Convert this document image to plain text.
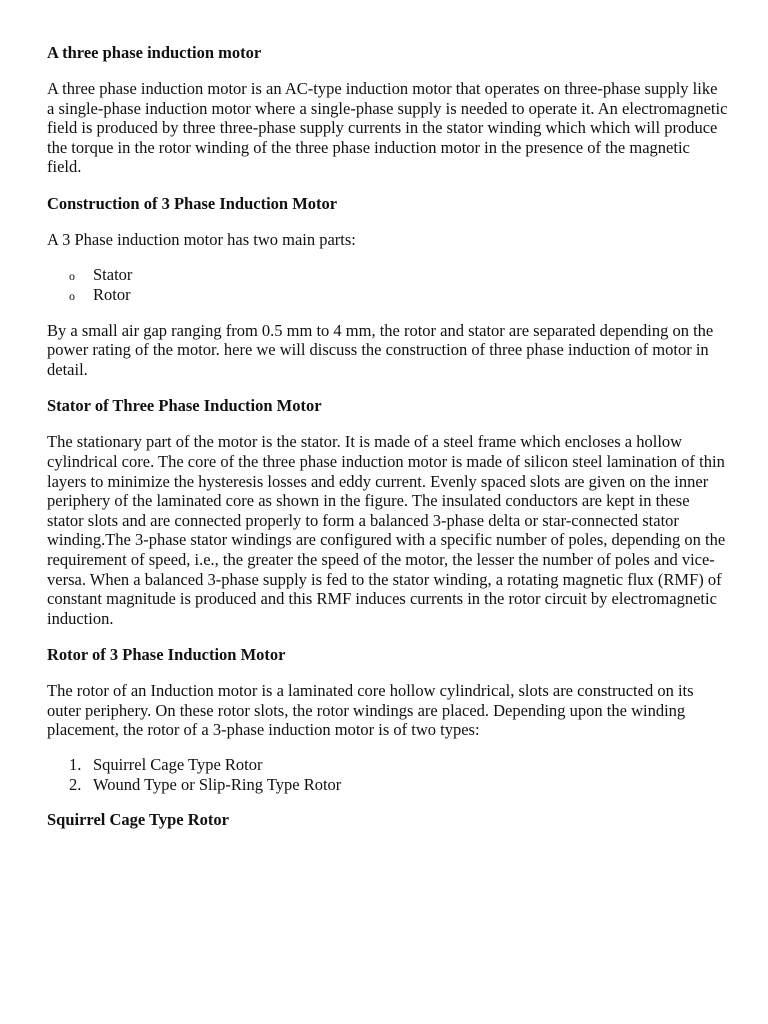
A three phase induction motor

A three phase induction motor is an AC-type induction motor that operates on three-phase supply like a single-phase induction motor where a single-phase supply is needed to operate it. An electromagnetic field is produced by three three-phase supply currents in the stator winding which which will produce the torque in the rotor winding of the three phase induction motor in the presence of the magnetic field.

Construction of 3 Phase Induction Motor

A 3 Phase induction motor has two main parts:

o Stator
o Rotor

By a small air gap ranging from 0.5 mm to 4 mm, the rotor and stator are separated depending on the power rating of the motor. here we will discuss the construction of three phase induction of motor in detail.

Stator of Three Phase Induction Motor

The stationary part of the motor is the stator. It is made of a steel frame which encloses a hollow cylindrical core. The core of the three phase induction motor is made of silicon steel lamination of thin layers to minimize the hysteresis losses and eddy current. Evenly spaced slots are given on the inner periphery of the laminated core as shown in the figure. The insulated conductors are kept in these stator slots and are connected properly to form a balanced 3-phase delta or star-connected stator winding.The 3-phase stator windings are configured with a specific number of poles, depending on the requirement of speed, i.e., the greater the speed of the motor, the lesser the number of poles and vice-versa. When a balanced 3-phase supply is fed to the stator winding, a rotating magnetic flux (RMF) of constant magnitude is produced and this RMF induces currents in the rotor circuit by electromagnetic induction.

Rotor of 3 Phase Induction Motor

The rotor of an Induction motor is a laminated core hollow cylindrical, slots are constructed on its outer periphery. On these rotor slots, the rotor windings are placed. Depending upon the winding placement, the rotor of a 3-phase induction motor is of two types:

1. Squirrel Cage Type Rotor
2. Wound Type or Slip-Ring Type Rotor

Squirrel Cage Type Rotor
